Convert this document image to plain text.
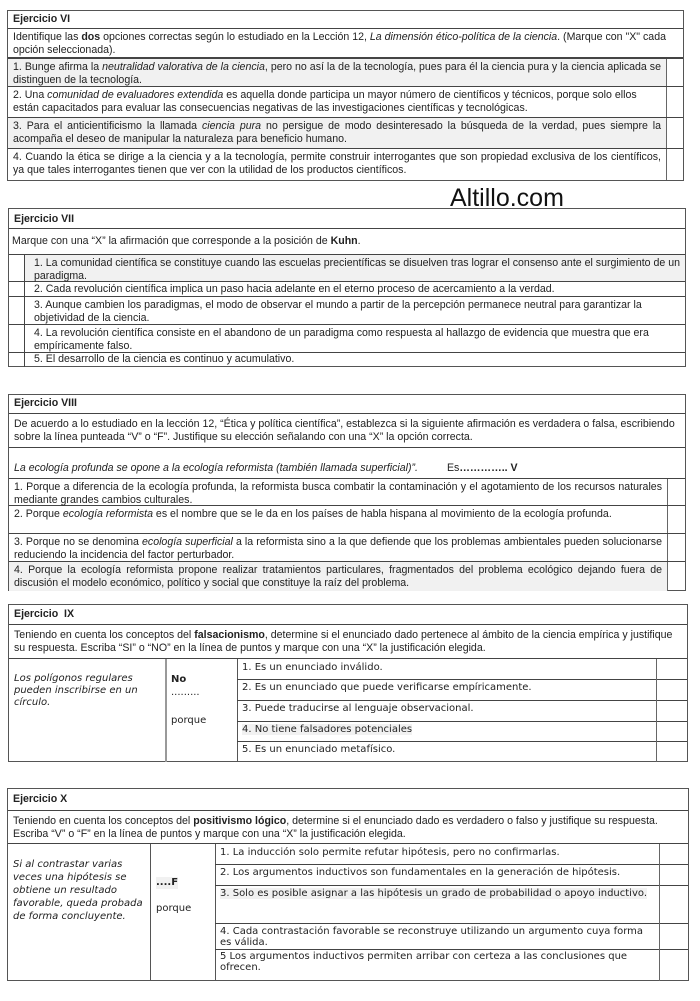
Ejercicio VI
Identifique las dos opciones correctas según lo estudiado en la Lección 12, La dimensión ético-política de la ciencia. (Marque con "X" cada opción seleccionada).
1. Bunge afirma la neutralidad valorativa de la ciencia, pero no así la de la tecnología, pues para él la ciencia pura y la ciencia aplicada se distinguen de la tecnología.
2. Una comunidad de evaluadores extendida es aquella donde participa un mayor número de científicos y técnicos, porque solo ellos están capacitados para evaluar las consecuencias negativas de las investigaciones científicas y tecnológicas.
3. Para el anticientificismo la llamada ciencia pura no persigue de modo desinteresado la búsqueda de la verdad, pues siempre la acompaña el deseo de manipular la naturaleza para beneficio humano.
4. Cuando la ética se dirige a la ciencia y a la tecnología, permite construir interrogantes que son propiedad exclusiva de los científicos, ya que tales interrogantes tienen que ver con la utilidad de los productos científicos.
Altillo.com
Ejercicio VII
Marque con una “X” la afirmación que corresponde a la posición de Kuhn.
1. La comunidad científica se constituye cuando las escuelas precientíficas se disuelven tras lograr el consenso ante el surgimiento de un paradigma.
2. Cada revolución científica implica un paso hacia adelante en el eterno proceso de acercamiento a la verdad.
3. Aunque cambien los paradigmas, el modo de observar el mundo a partir de la percepción permanece neutral para garantizar la objetividad de la ciencia.
4. La revolución científica consiste en el abandono de un paradigma como respuesta al hallazgo de evidencia que muestra que era empíricamente falso.
5. El desarrollo de la ciencia es continuo y acumulativo.
Ejercicio VIII
De acuerdo a lo estudiado en la lección 12, “Ética y política científica”, establezca si la siguiente afirmación es verdadera o falsa, escribiendo sobre la línea punteada “V” o “F”. Justifique su elección señalando con una “X” la opción correcta.
La ecología profunda se opone a la ecología reformista (también llamada superficial)”.	Es………….. V
1. Porque a diferencia de la ecología profunda, la reformista busca combatir la contaminación y el agotamiento de los recursos naturales mediante grandes cambios culturales.
2. Porque ecología reformista es el nombre que se le da en los países de habla hispana al movimiento de la ecología profunda.
3. Porque no se denomina ecología superficial a la reformista sino a la que defiende que los problemas ambientales pueden solucionarse reduciendo la incidencia del factor perturbador.
4. Porque la ecología reformista propone realizar tratamientos particulares, fragmentados del problema ecológico dejando fuera de discusión el modelo económico, político y social que constituye la raíz del problema.
Ejercicio  IX
Teniendo en cuenta los conceptos del falsacionismo, determine si el enunciado dado pertenece al ámbito de la ciencia empírica y justifique su respuesta. Escriba “SI” o “NO” en la línea de puntos y marque con una “X” la justificación elegida.
Los polígonos regulares pueden inscribirse en un círculo.
No
.........
porque
1. Es un enunciado inválido.
2. Es un enunciado que puede verificarse empíricamente.
3. Puede traducirse al lenguaje observacional.
4. No tiene falsadores potenciales
5. Es un enunciado metafísico.
Ejercicio X
Teniendo en cuenta los conceptos del positivismo lógico, determine si el enunciado dado es verdadero o falso y justifique su respuesta. Escriba “V” o “F” en la línea de puntos y marque con una “X” la justificación elegida.
Si al contrastar varias veces una hipótesis se obtiene un resultado favorable, queda probada de forma concluyente.
....F
porque
1. La inducción solo permite refutar hipótesis, pero no confirmarlas.
2. Los argumentos inductivos son fundamentales en la generación de hipótesis.
3. Solo es posible asignar a las hipótesis un grado de probabilidad o apoyo inductivo.
4. Cada contrastación favorable se reconstruye utilizando un argumento cuya forma es válida.
5 Los argumentos inductivos permiten arribar con certeza a las conclusiones que ofrecen.
